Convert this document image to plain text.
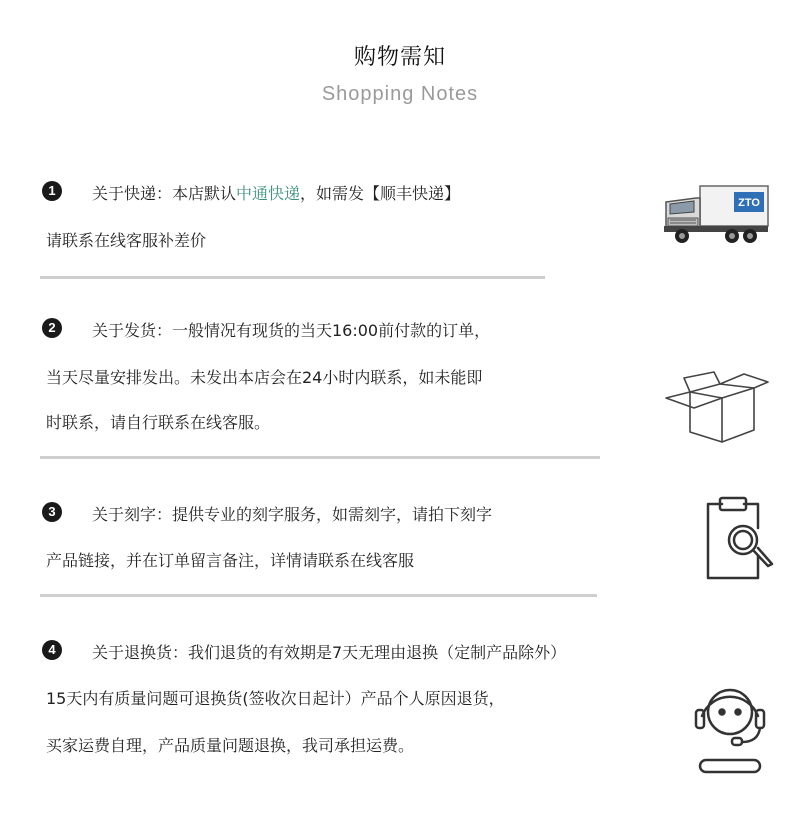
购物需知
Shopping Notes
1	关于快递：本店默认中通快递，如需发【顺丰快递】
请联系在线客服补差价
ZTO
2	关于发货：一般情况有现货的当天16:00前付款的订单，
当天尽量安排发出。未发出本店会在24小时内联系，如未能即
时联系，请自行联系在线客服。
3	关于刻字：提供专业的刻字服务，如需刻字，请拍下刻字
产品链接，并在订单留言备注，详情请联系在线客服
4	关于退换货：我们退货的有效期是7天无理由退换（定制产品除外）
15天内有质量问题可退换货(签收次日起计）产品个人原因退货，
买家运费自理，产品质量问题退换，我司承担运费。
